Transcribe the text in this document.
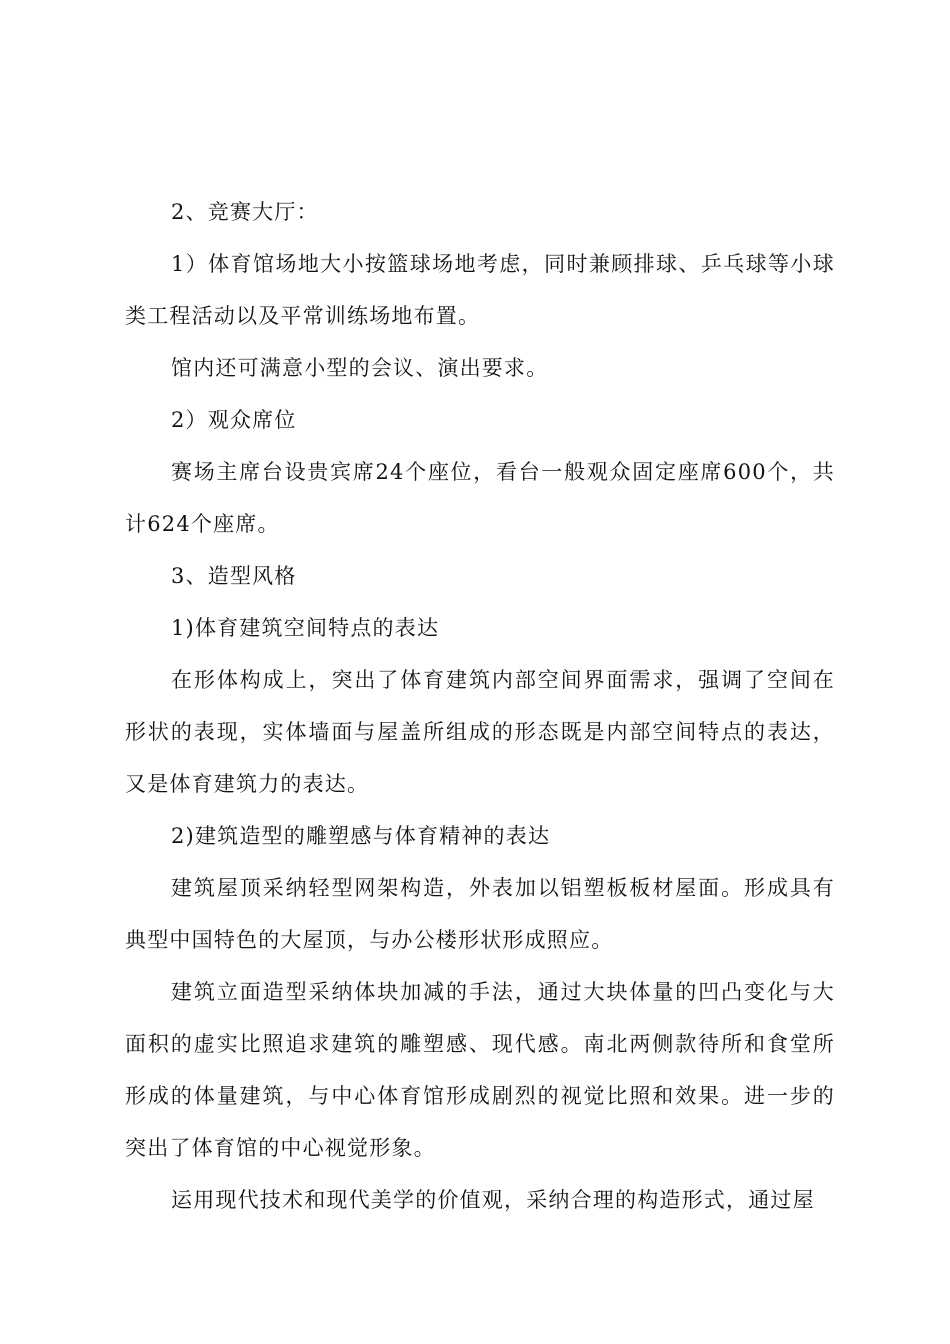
2、竞赛大厅：

1）体育馆场地大小按篮球场地考虑，同时兼顾排球、乒乓球等小球类工程活动以及平常训练场地布置。

馆内还可满意小型的会议、演出要求。

2）观众席位

赛场主席台设贵宾席24个座位，看台一般观众固定座席600个，共计624个座席。

3、造型风格

1)体育建筑空间特点的表达

在形体构成上，突出了体育建筑内部空间界面需求，强调了空间在形状的表现，实体墙面与屋盖所组成的形态既是内部空间特点的表达，又是体育建筑力的表达。

2)建筑造型的雕塑感与体育精神的表达

建筑屋顶采纳轻型网架构造，外表加以铝塑板板材屋面。形成具有典型中国特色的大屋顶，与办公楼形状形成照应。

建筑立面造型采纳体块加减的手法，通过大块体量的凹凸变化与大面积的虚实比照追求建筑的雕塑感、现代感。南北两侧款待所和食堂所形成的体量建筑，与中心体育馆形成剧烈的视觉比照和效果。进一步的突出了体育馆的中心视觉形象。

运用现代技术和现代美学的价值观，采纳合理的构造形式，通过屋
